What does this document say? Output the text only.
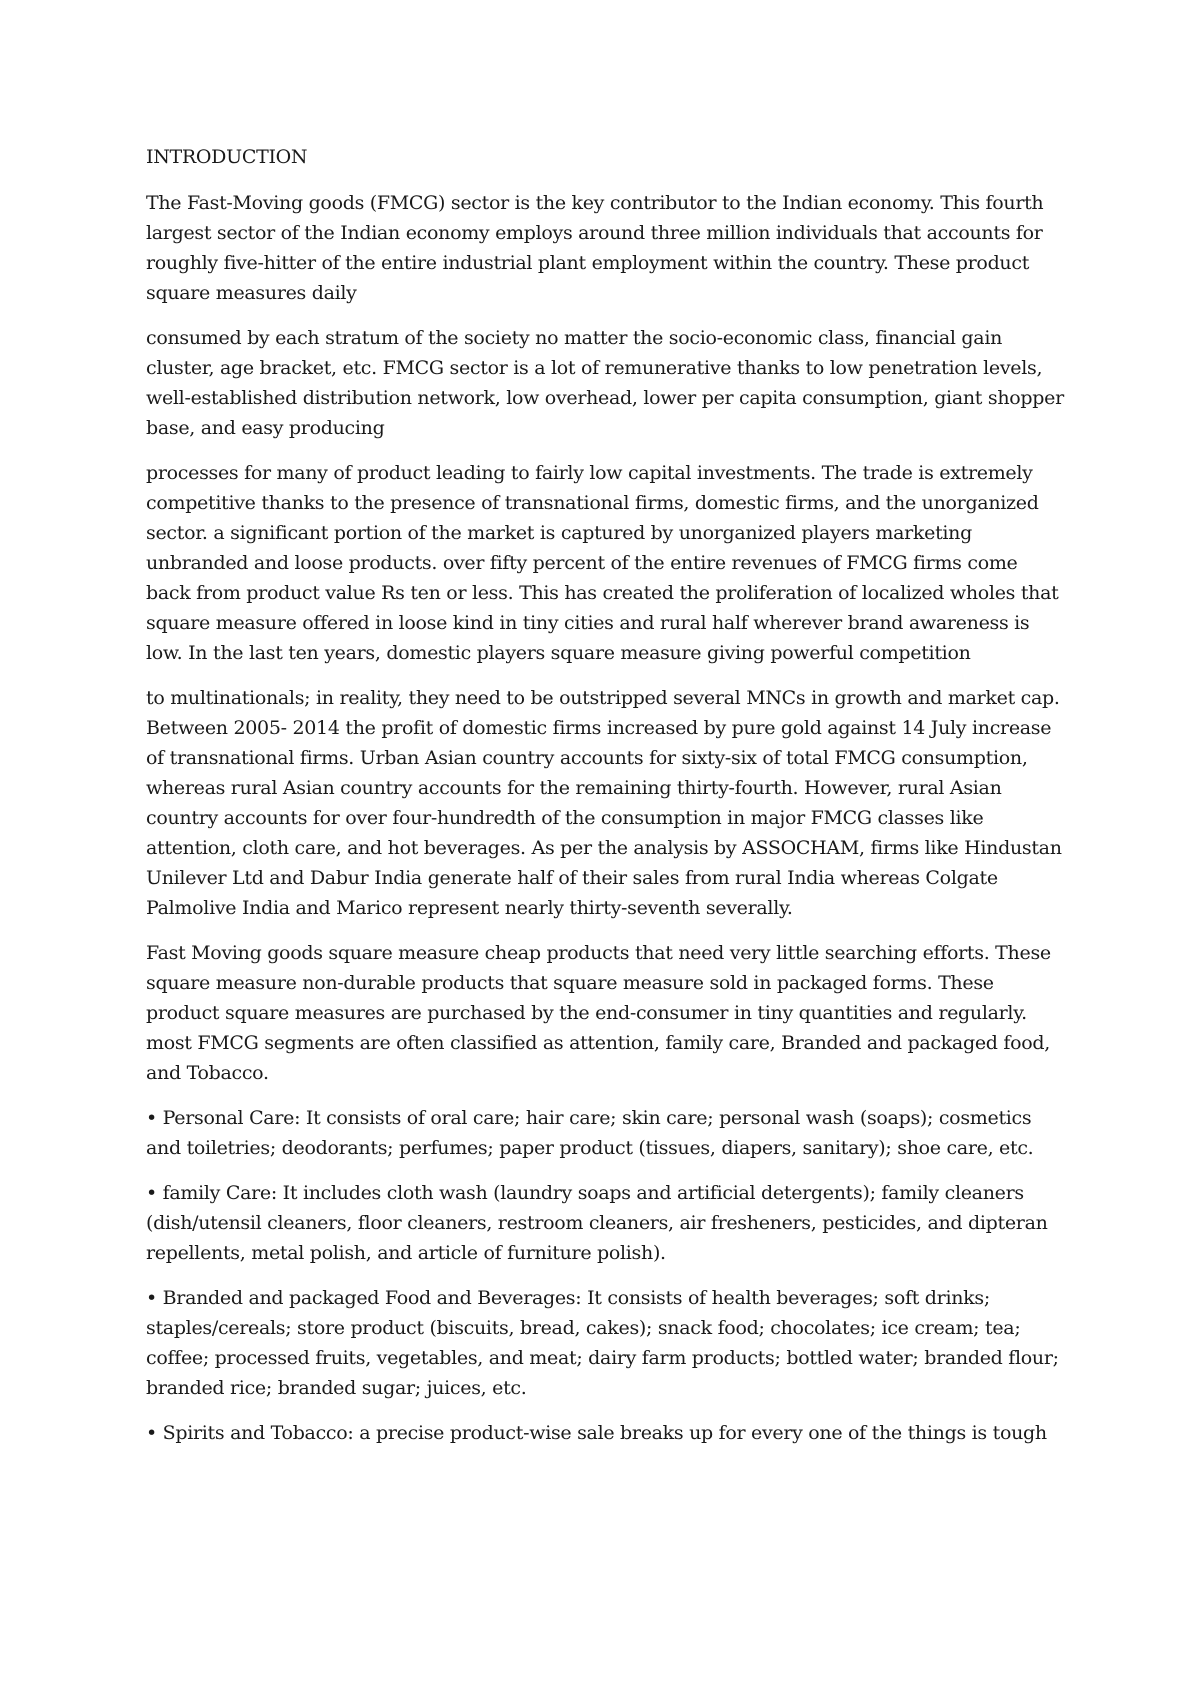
INTRODUCTION

The Fast-Moving goods (FMCG) sector is the key contributor to the Indian economy. This fourth largest sector of the Indian economy employs around three million individuals that accounts for roughly five-hitter of the entire industrial plant employment within the country. These product square measures daily

consumed by each stratum of the society no matter the socio-economic class, financial gain cluster, age bracket, etc. FMCG sector is a lot of remunerative thanks to low penetration levels, well-established distribution network, low overhead, lower per capita consumption, giant shopper base, and easy producing

processes for many of product leading to fairly low capital investments. The trade is extremely competitive thanks to the presence of transnational firms, domestic firms, and the unorganized sector. a significant portion of the market is captured by unorganized players marketing unbranded and loose products. over fifty percent of the entire revenues of FMCG firms come back from product value Rs ten or less. This has created the proliferation of localized wholes that square measure offered in loose kind in tiny cities and rural half wherever brand awareness is low. In the last ten years, domestic players square measure giving powerful competition

to multinationals; in reality, they need to be outstripped several MNCs in growth and market cap. Between 2005- 2014 the profit of domestic firms increased by pure gold against 14 July increase of transnational firms. Urban Asian country accounts for sixty-six of total FMCG consumption, whereas rural Asian country accounts for the remaining thirty-fourth. However, rural Asian country accounts for over four-hundredth of the consumption in major FMCG classes like attention, cloth care, and hot beverages. As per the analysis by ASSOCHAM, firms like Hindustan Unilever Ltd and Dabur India generate half of their sales from rural India whereas Colgate Palmolive India and Marico represent nearly thirty-seventh severally.

Fast Moving goods square measure cheap products that need very little searching efforts. These square measure non-durable products that square measure sold in packaged forms. These product square measures are purchased by the end-consumer in tiny quantities and regularly. most FMCG segments are often classified as attention, family care, Branded and packaged food, and Tobacco.

• Personal Care: It consists of oral care; hair care; skin care; personal wash (soaps); cosmetics and toiletries; deodorants; perfumes; paper product (tissues, diapers, sanitary); shoe care, etc.

• family Care: It includes cloth wash (laundry soaps and artificial detergents); family cleaners (dish/utensil cleaners, floor cleaners, restroom cleaners, air fresheners, pesticides, and dipteran repellents, metal polish, and article of furniture polish).

• Branded and packaged Food and Beverages: It consists of health beverages; soft drinks; staples/cereals; store product (biscuits, bread, cakes); snack food; chocolates; ice cream; tea; coffee; processed fruits, vegetables, and meat; dairy farm products; bottled water; branded flour; branded rice; branded sugar; juices, etc.

• Spirits and Tobacco: a precise product-wise sale breaks up for every one of the things is tough
